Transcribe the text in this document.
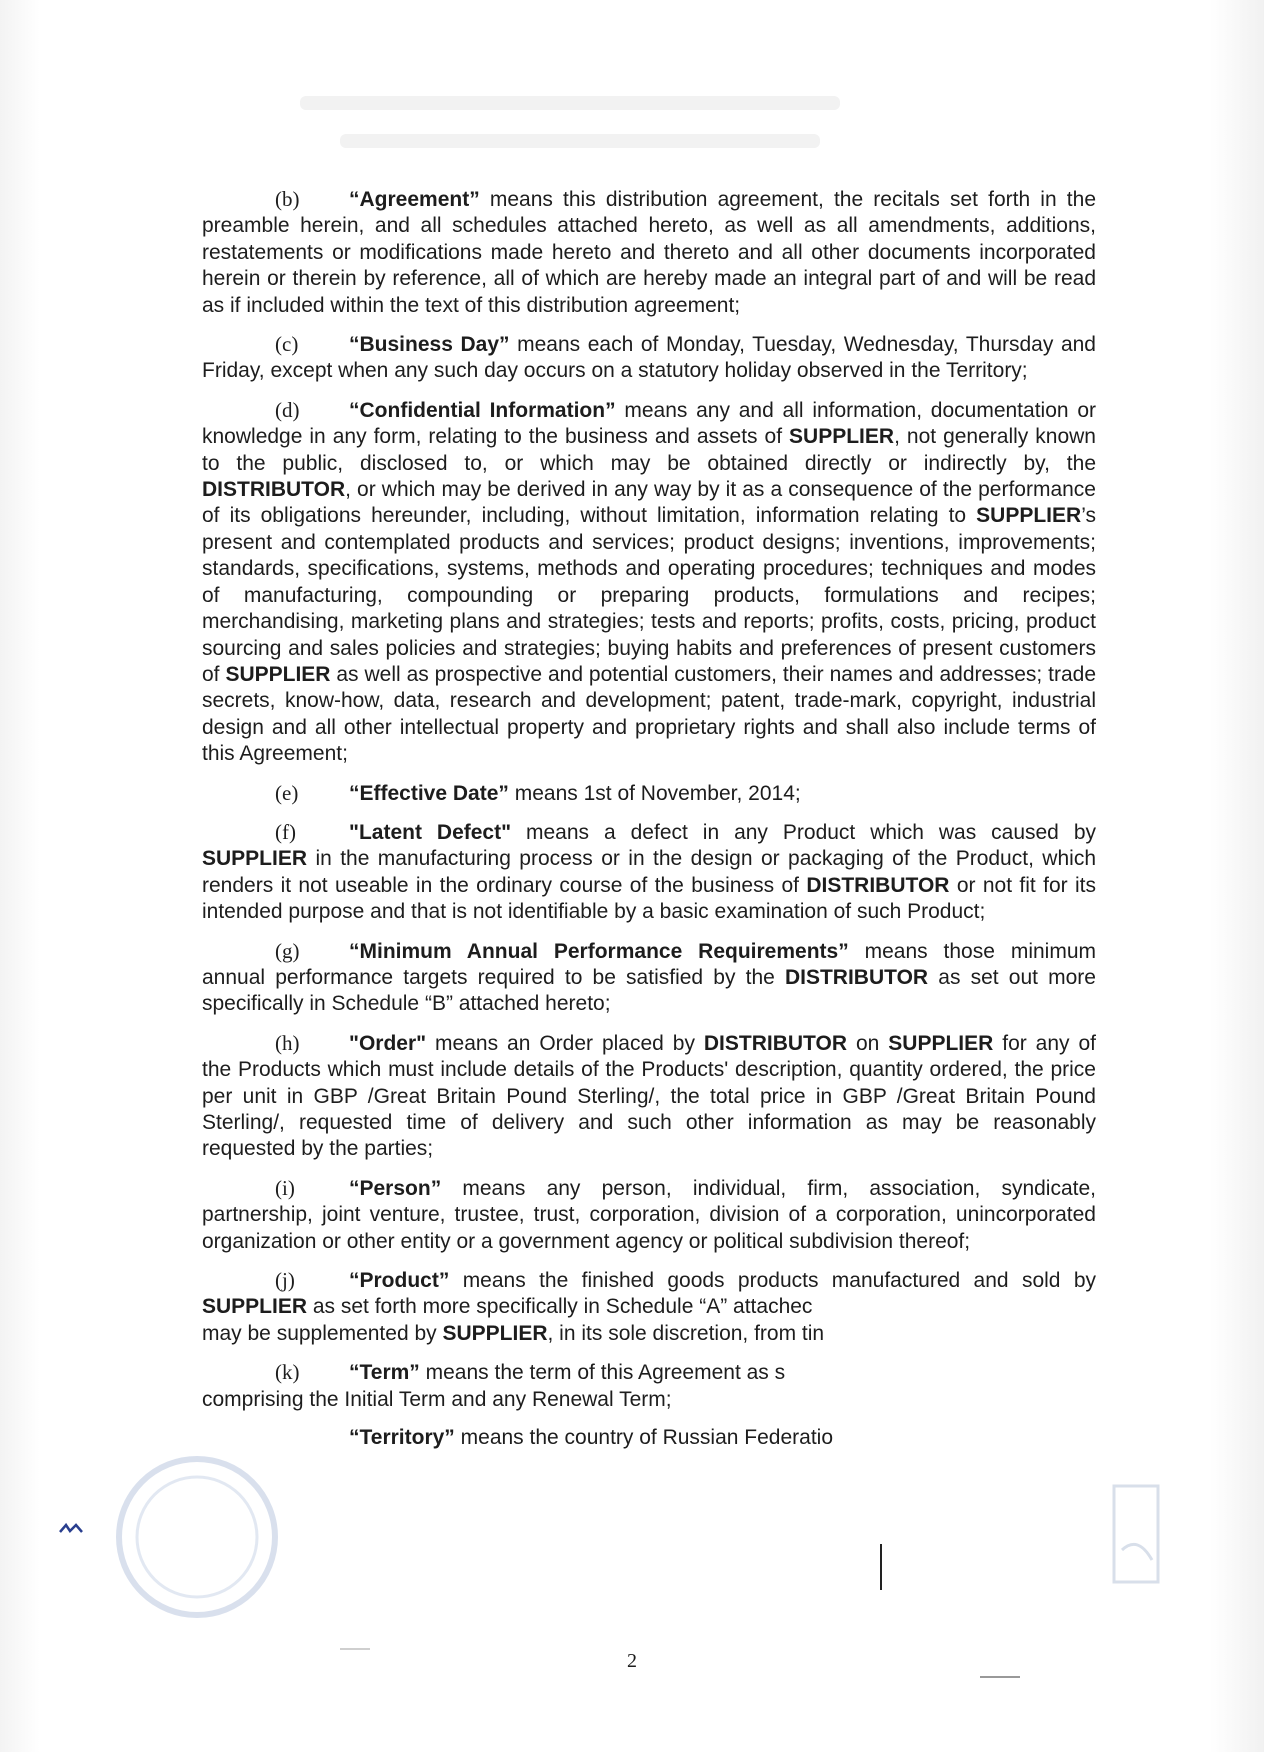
(b) “Agreement” means this distribution agreement, the recitals set forth in the preamble herein, and all schedules attached hereto, as well as all amendments, additions, restatements or modifications made hereto and thereto and all other documents incorporated herein or therein by reference, all of which are hereby made an integral part of and will be read as if included within the text of this distribution agreement;

(c) “Business Day” means each of Monday, Tuesday, Wednesday, Thursday and Friday, except when any such day occurs on a statutory holiday observed in the Territory;

(d) “Confidential Information” means any and all information, documentation or knowledge in any form, relating to the business and assets of SUPPLIER, not generally known to the public, disclosed to, or which may be obtained directly or indirectly by, the DISTRIBUTOR, or which may be derived in any way by it as a consequence of the performance of its obligations hereunder, including, without limitation, information relating to SUPPLIER’s present and contemplated products and services; product designs; inventions, improvements; standards, specifications, systems, methods and operating procedures; techniques and modes of manufacturing, compounding or preparing products, formulations and recipes; merchandising, marketing plans and strategies; tests and reports; profits, costs, pricing, product sourcing and sales policies and strategies; buying habits and preferences of present customers of SUPPLIER as well as prospective and potential customers, their names and addresses; trade secrets, know-how, data, research and development; patent, trade-mark, copyright, industrial design and all other intellectual property and proprietary rights and shall also include terms of this Agreement;

(e) “Effective Date” means 1st of November, 2014;

(f)	"Latent Defect" means a defect in any Product which was caused by SUPPLIER in the manufacturing process or in the design or packaging of the Product, which renders it not useable in the ordinary course of the business of DISTRIBUTOR or not fit for its intended purpose and that is not identifiable by a basic examination of such Product;

(g) “Minimum Annual Performance Requirements” means those minimum annual performance targets required to be satisfied by the DISTRIBUTOR as set out more specifically in Schedule “B” attached hereto;

(h) "Order" means an Order placed by DISTRIBUTOR on SUPPLIER for any of the Products which must include details of the Products' description, quantity ordered, the price per unit in GBP /Great Britain Pound Sterling/, the total price in GBP /Great Britain Pound Sterling/, requested time of delivery and such other information as may be reasonably requested by the parties;

(i)	“Person” means any person, individual, firm, association, syndicate, partnership, joint venture, trustee, trust, corporation, division of a corporation, unincorporated organization or other entity or a government agency or political subdivision thereof;

(j)	“Product” means the finished goods products manufactured and sold by SUPPLIER as set forth more specifically in Schedule “A” attachec
may be supplemented by SUPPLIER, in its sole discretion, from tin

(k) “Term” means the term of this Agreement as s
comprising the Initial Term and any Renewal Term;

“Territory” means the country of Russian Federatio

2
